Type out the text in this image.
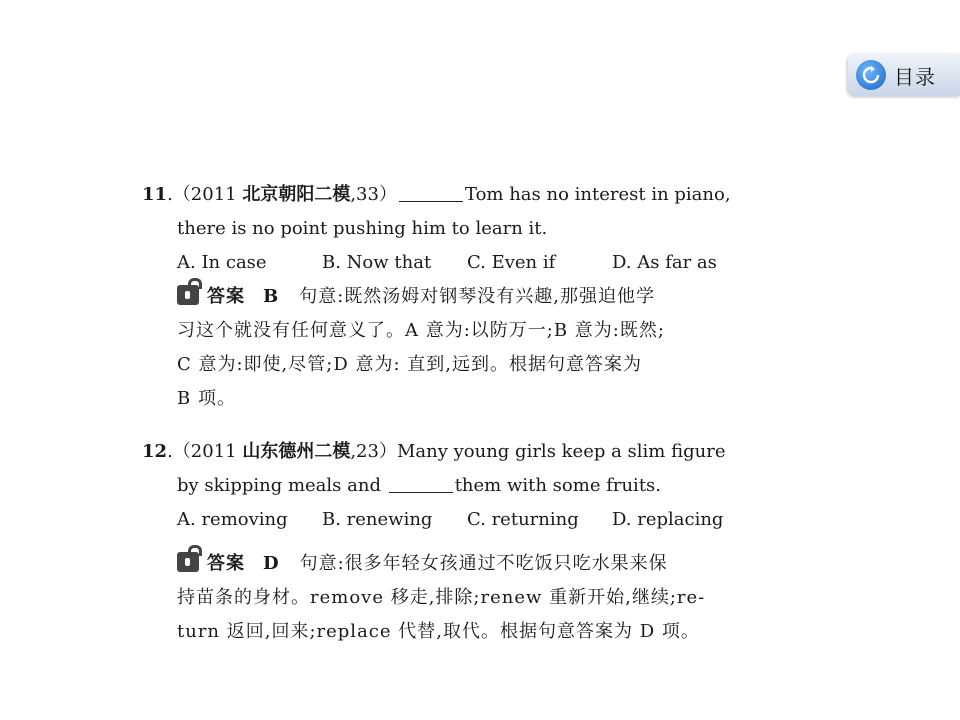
目录
11.（2011 北京朝阳二模,33）	Tom has no interest in piano,
there is no point pushing him to learn it.
A. In case	B. Now that	C. Even if	D. As far as
答案 B 句意:既然汤姆对钢琴没有兴趣,那强迫他学
习这个就没有任何意义了。A 意为:以防万一;B 意为:既然;
C 意为:即使,尽管;D 意为: 直到,远到。根据句意答案为
B 项。
12.（2011 山东德州二模,23）Many young girls keep a slim figure
by skipping meals and	them with some fruits.
A. removing	B. renewing	C. returning	D. replacing
答案 D 句意:很多年轻女孩通过不吃饭只吃水果来保
持苗条的身材。remove 移走,排除;renew 重新开始,继续;re-
turn 返回,回来;replace 代替,取代。根据句意答案为 D 项。
